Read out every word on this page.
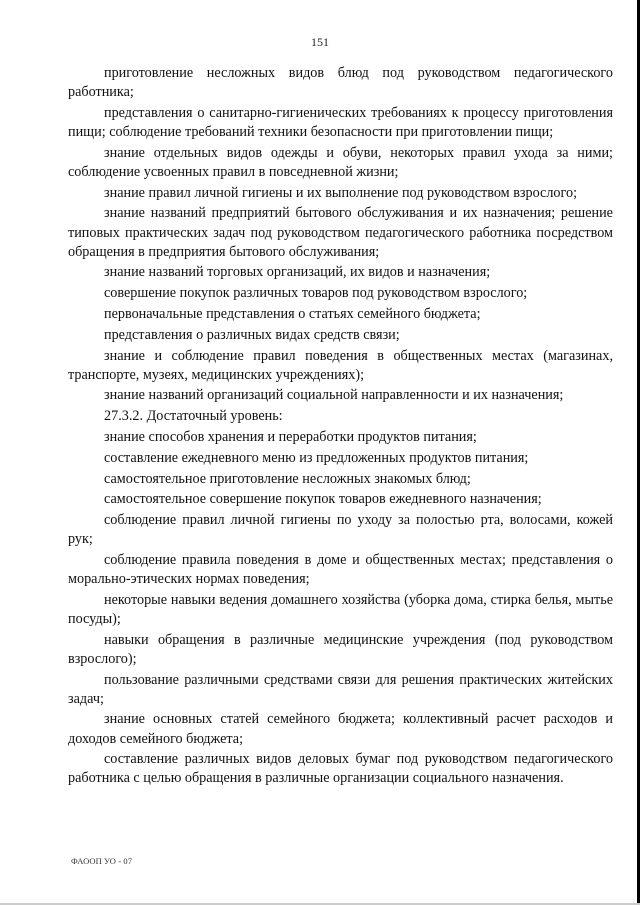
151

приготовление несложных видов блюд под руководством педагогического работника;

представления о санитарно-гигиенических требованиях к процессу приготовления пищи; соблюдение требований техники безопасности при приготовлении пищи;

знание отдельных видов одежды и обуви, некоторых правил ухода за ними; соблюдение усвоенных правил в повседневной жизни;

знание правил личной гигиены и их выполнение под руководством взрослого;

знание названий предприятий бытового обслуживания и их назначения; решение типовых практических задач под руководством педагогического работника посредством обращения в предприятия бытового обслуживания;

знание названий торговых организаций, их видов и назначения;

совершение покупок различных товаров под руководством взрослого;

первоначальные представления о статьях семейного бюджета;

представления о различных видах средств связи;

знание и соблюдение правил поведения в общественных местах (магазинах, транспорте, музеях, медицинских учреждениях);

знание названий организаций социальной направленности и их назначения;

27.3.2. Достаточный уровень:

знание способов хранения и переработки продуктов питания;

составление ежедневного меню из предложенных продуктов питания;

самостоятельное приготовление несложных знакомых блюд;

самостоятельное совершение покупок товаров ежедневного назначения;

соблюдение правил личной гигиены по уходу за полостью рта, волосами, кожей рук;

соблюдение правила поведения в доме и общественных местах; представления о морально-этических нормах поведения;

некоторые навыки ведения домашнего хозяйства (уборка дома, стирка белья, мытье посуды);

навыки обращения в различные медицинские учреждения (под руководством взрослого);

пользование различными средствами связи для решения практических житейских задач;

знание основных статей семейного бюджета; коллективный расчет расходов и доходов семейного бюджета;

составление различных видов деловых бумаг под руководством педагогического работника с целью обращения в различные организации социального назначения.

ФАООП УО - 07
